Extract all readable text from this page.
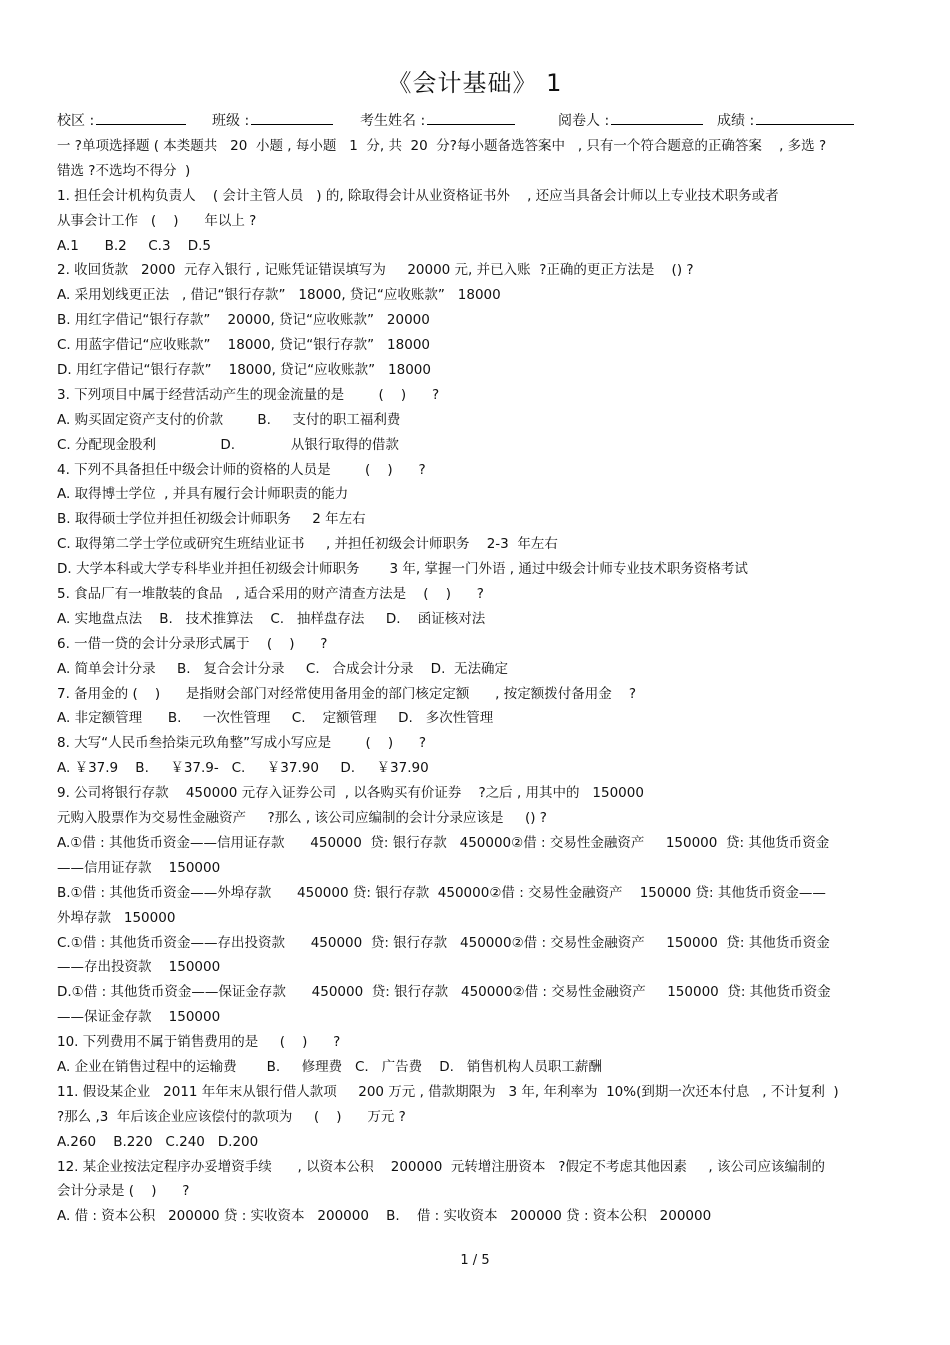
《会计基础》 1
校区 :	班级 :	考生姓名 :	阅卷人 :	成绩 :
一 ?单项选择题 ( 本类题共   20  小题 , 每小题   1  分, 共  20  分?每小题备选答案中   , 只有一个符合题意的正确答案    , 多选 ?
错选 ?不选均不得分  )
1. 担任会计机构负责人    ( 会计主管人员   ) 的, 除取得会计从业资格证书外    , 还应当具备会计师以上专业技术职务或者
从事会计工作   (    )      年以上 ?
A.1      B.2     C.3    D.5
2. 收回货款   2000  元存入银行 , 记账凭证错误填写为     20000 元, 并已入账  ?正确的更正方法是    () ?
A. 采用划线更正法   , 借记“银行存款”   18000, 贷记“应收账款”   18000
B. 用红字借记“银行存款”    20000, 贷记“应收账款”   20000
C. 用蓝字借记“应收账款”    18000, 贷记“银行存款”   18000
D. 用红字借记“银行存款”    18000, 贷记“应收账款”   18000
3. 下列项目中属于经营活动产生的现金流量的是        (    )      ?
A. 购买固定资产支付的价款        B.     支付的职工福利费
C. 分配现金股利               D.             从银行取得的借款
4. 下列不具备担任中级会计师的资格的人员是        (    )      ?
A. 取得博士学位  , 并具有履行会计师职责的能力
B. 取得硕士学位并担任初级会计师职务     2 年左右
C. 取得第二学士学位或研究生班结业证书     , 并担任初级会计师职务    2-3  年左右
D. 大学本科或大学专科毕业并担任初级会计师职务       3 年, 掌握一门外语 , 通过中级会计师专业技术职务资格考试
5. 食品厂有一堆散装的食品   , 适合采用的财产清查方法是    (    )      ?
A. 实地盘点法    B.   技术推算法    C.   抽样盘存法     D.    函证核对法
6. 一借一贷的会计分录形式属于    (    )      ?
A. 简单会计分录     B.   复合会计分录     C.   合成会计分录    D.  无法确定
7. 备用金的 (    )      是指财会部门对经常使用备用金的部门核定定额      , 按定额拨付备用金    ?
A. 非定额管理      B.     一次性管理     C.    定额管理     D.   多次性管理
8. 大写“人民币叁拾柒元玖角整”写成小写应是        (    )      ?
A. ￥37.9    B.     ￥37.9-   C.     ￥37.90     D.     ￥37.90
9. 公司将银行存款    450000 元存入证券公司  , 以各购买有价证券    ?之后 , 用其中的   150000
元购入股票作为交易性金融资产     ?那么 , 该公司应编制的会计分录应该是     () ?
A.①借 : 其他货币资金——信用证存款      450000  贷: 银行存款   450000②借 : 交易性金融资产     150000  贷: 其他货币资金
——信用证存款    150000
B.①借 : 其他货币资金——外埠存款      450000 贷: 银行存款  450000②借 : 交易性金融资产    150000 贷: 其他货币资金——
外埠存款   150000
C.①借 : 其他货币资金——存出投资款      450000  贷: 银行存款   450000②借 : 交易性金融资产     150000  贷: 其他货币资金
——存出投资款    150000
D.①借 : 其他货币资金——保证金存款      450000  贷: 银行存款   450000②借 : 交易性金融资产     150000  贷: 其他货币资金
——保证金存款    150000
10. 下列费用不属于销售费用的是     (    )      ?
A. 企业在销售过程中的运输费       B.     修理费   C.   广告费    D.   销售机构人员职工薪酬
11. 假设某企业   2011 年年末从银行借人款项     200 万元 , 借款期限为   3 年, 年利率为  10%(到期一次还本付息   , 不计复利  )
?那么 ,3  年后该企业应该偿付的款项为     (    )      万元 ?
A.260    B.220   C.240   D.200
12. 某企业按法定程序办妥增资手续      , 以资本公积    200000  元转增注册资本   ?假定不考虑其他因素     , 该公司应该编制的
会计分录是 (    )      ?
A. 借 : 资本公积   200000 贷 : 实收资本   200000    B.    借 : 实收资本   200000 贷 : 资本公积   200000
1 / 5
